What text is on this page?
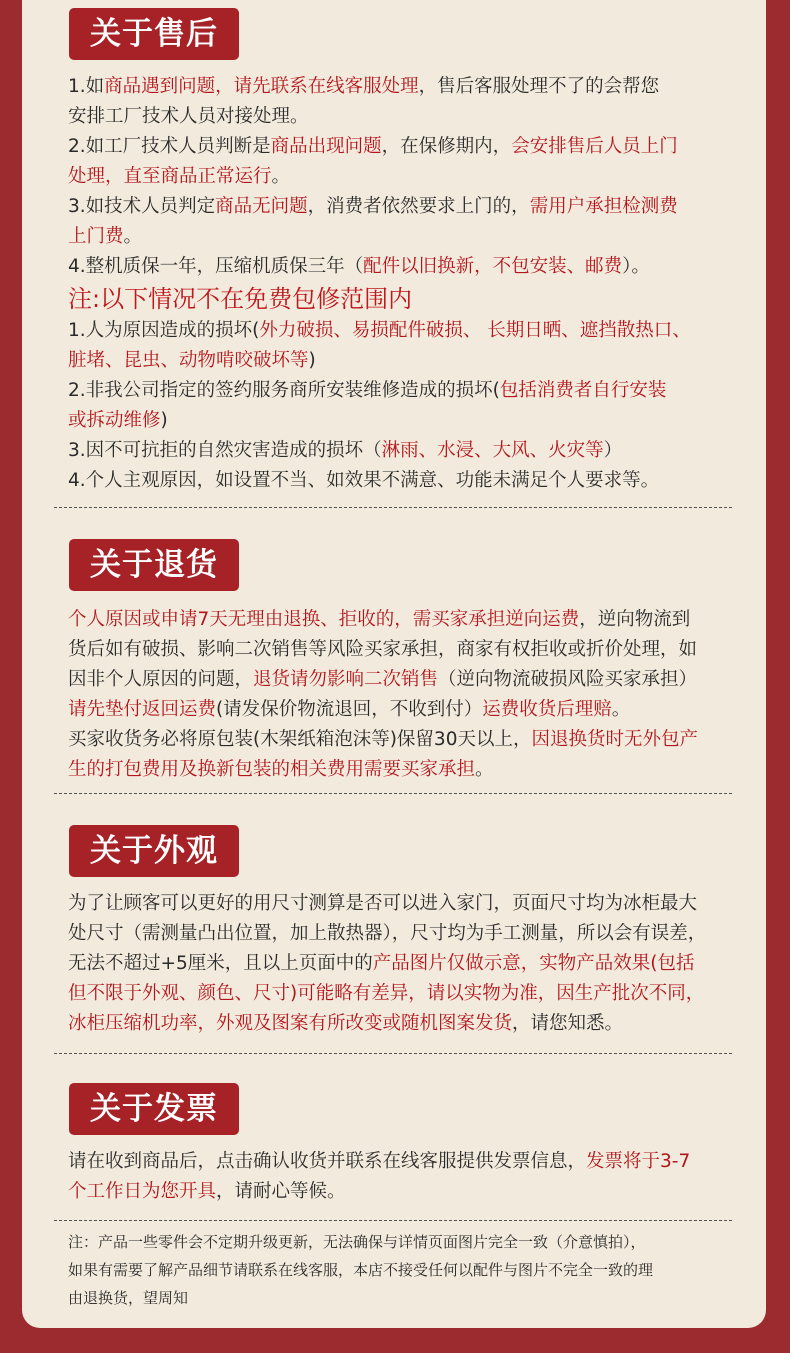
关于售后
1.如商品遇到问题，请先联系在线客服处理，售后客服处理不了的会帮您
安排工厂技术人员对接处理。
2.如工厂技术人员判断是商品出现问题，在保修期内，会安排售后人员上门
处理，直至商品正常运行。
3.如技术人员判定商品无问题，消费者依然要求上门的，需用户承担检测费
上门费。
4.整机质保一年，压缩机质保三年（配件以旧换新，不包安装、邮费）。
注:以下情况不在免费包修范围内
1.人为原因造成的损坏(外力破损、易损配件破损、 长期日晒、遮挡散热口、
脏堵、昆虫、动物啃咬破坏等)
2.非我公司指定的签约服务商所安装维修造成的损坏(包括消费者自行安装
或拆动维修)
3.因不可抗拒的自然灾害造成的损坏（淋雨、水浸、大风、火灾等）
4.个人主观原因，如设置不当、如效果不满意、功能未满足个人要求等。
关于退货
个人原因或申请7天无理由退换、拒收的，需买家承担逆向运费，逆向物流到
货后如有破损、影响二次销售等风险买家承担，商家有权拒收或折价处理，如
因非个人原因的问题，退货请勿影响二次销售（逆向物流破损风险买家承担）
请先垫付返回运费(请发保价物流退回，不收到付）运费收货后理赔。
买家收货务必将原包装(木架纸箱泡沫等)保留30天以上，因退换货时无外包产
生的打包费用及换新包装的相关费用需要买家承担。
关于外观
为了让顾客可以更好的用尺寸测算是否可以进入家门，页面尺寸均为冰柜最大
处尺寸（需测量凸出位置，加上散热器），尺寸均为手工测量，所以会有误差，
无法不超过+5厘米，且以上页面中的产品图片仅做示意，实物产品效果(包括
但不限于外观、颜色、尺寸)可能略有差异，请以实物为准，因生产批次不同，
冰柜压缩机功率，外观及图案有所改变或随机图案发货，请您知悉。
关于发票
请在收到商品后，点击确认收货并联系在线客服提供发票信息，发票将于3-7
个工作日为您开具，请耐心等候。
注：产品一些零件会不定期升级更新，无法确保与详情页面图片完全一致（介意慎拍），
如果有需要了解产品细节请联系在线客服，本店不接受任何以配件与图片不完全一致的理
由退换货，望周知
